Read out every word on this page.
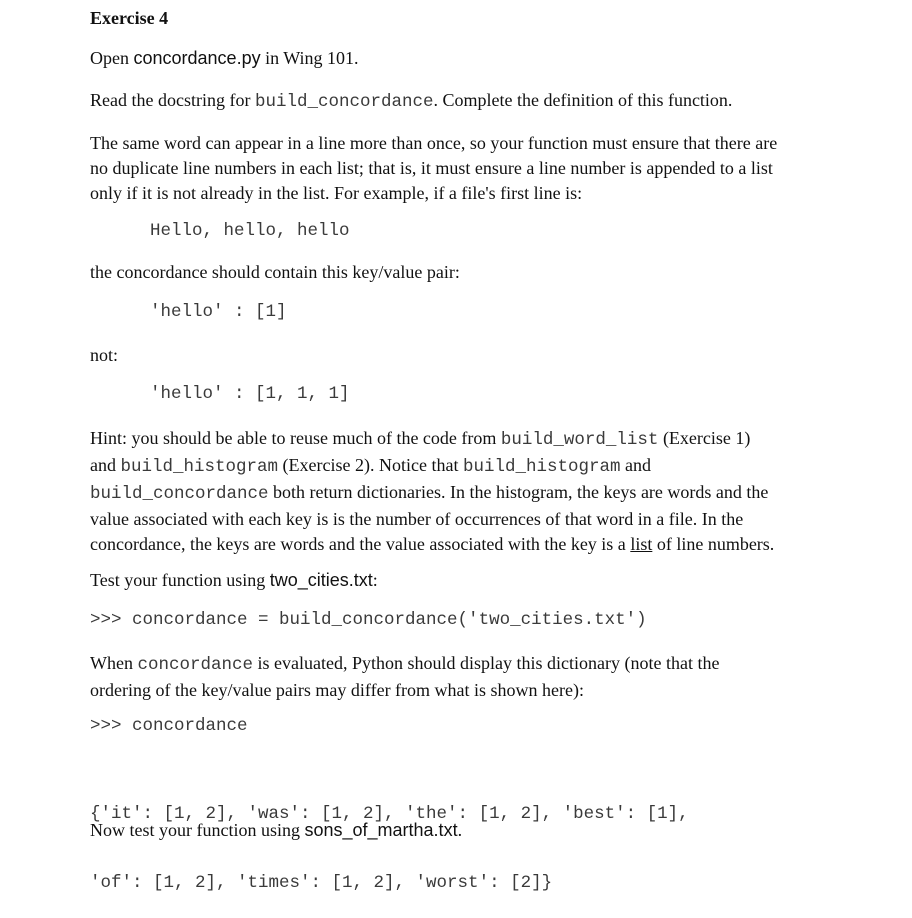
Exercise 4
Open concordance.py in Wing 101.
Read the docstring for build_concordance. Complete the definition of this function.
The same word can appear in a line more than once, so your function must ensure that there are
no duplicate line numbers in each list; that is, it must ensure a line number is appended to a list
only if it is not already in the list. For example, if a file's first line is:
Hello, hello, hello
the concordance should contain this key/value pair:
'hello' : [1]
not:
'hello' : [1, 1, 1]
Hint: you should be able to reuse much of the code from build_word_list (Exercise 1)
and build_histogram (Exercise 2). Notice that build_histogram and
build_concordance both return dictionaries. In the histogram, the keys are words and the
value associated with each key is is the number of occurrences of that word in a file. In the
concordance, the keys are words and the value associated with the key is a list of line numbers.
Test your function using two_cities.txt:
>>> concordance = build_concordance('two_cities.txt')
When concordance is evaluated, Python should display this dictionary (note that the
ordering of the key/value pairs may differ from what is shown here):
>>> concordance

{'it': [1, 2], 'was': [1, 2], 'the': [1, 2], 'best': [1],

'of': [1, 2], 'times': [1, 2], 'worst': [2]}

Now test your function using sons_of_martha.txt.
